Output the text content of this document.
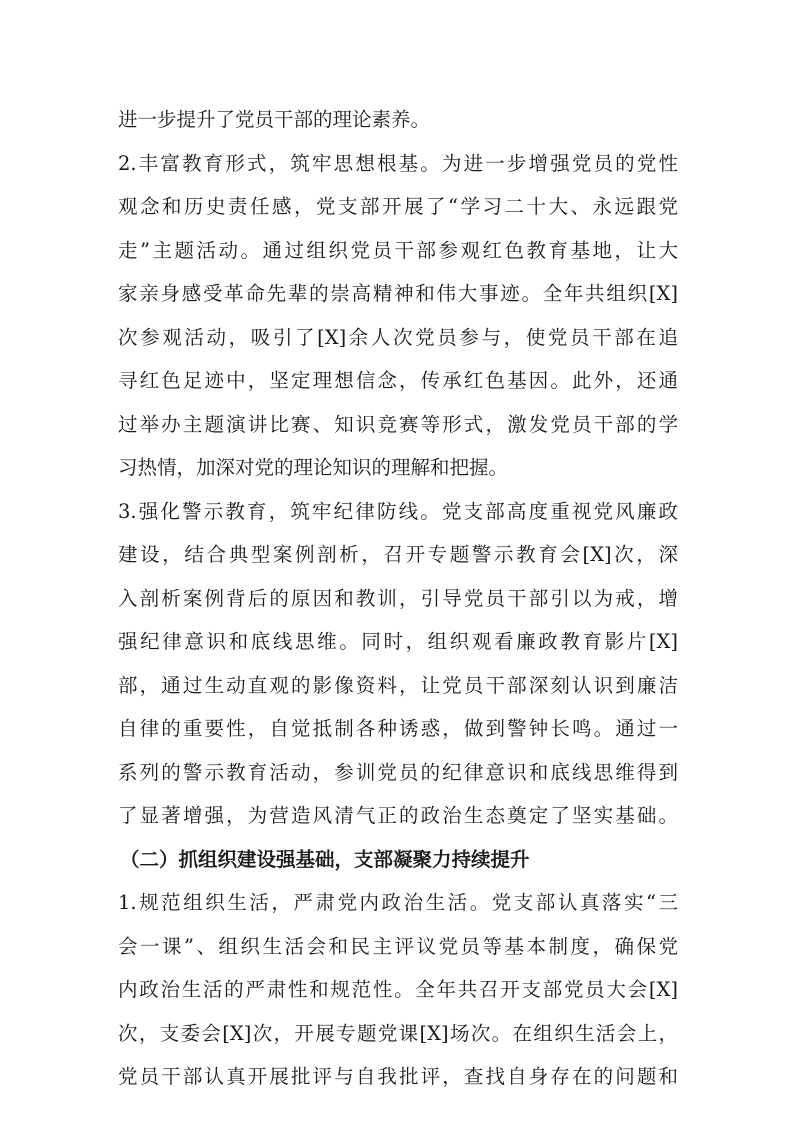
进一步提升了党员干部的理论素养。
2.丰富教育形式，筑牢思想根基。为进一步增强党员的党性
观念和历史责任感，党支部开展了“学习二十大、永远跟党
走”主题活动。通过组织党员干部参观红色教育基地，让大
家亲身感受革命先辈的崇高精神和伟大事迹。全年共组织[X]
次参观活动，吸引了[X]余人次党员参与，使党员干部在追
寻红色足迹中，坚定理想信念，传承红色基因。此外，还通
过举办主题演讲比赛、知识竞赛等形式，激发党员干部的学
习热情，加深对党的理论知识的理解和把握。
3.强化警示教育，筑牢纪律防线。党支部高度重视党风廉政
建设，结合典型案例剖析，召开专题警示教育会[X]次，深
入剖析案例背后的原因和教训，引导党员干部引以为戒，增
强纪律意识和底线思维。同时，组织观看廉政教育影片[X]
部，通过生动直观的影像资料，让党员干部深刻认识到廉洁
自律的重要性，自觉抵制各种诱惑，做到警钟长鸣。通过一
系列的警示教育活动，参训党员的纪律意识和底线思维得到
了显著增强，为营造风清气正的政治生态奠定了坚实基础。
（二）抓组织建设强基础，支部凝聚力持续提升
1.规范组织生活，严肃党内政治生活。党支部认真落实“三
会一课”、组织生活会和民主评议党员等基本制度，确保党
内政治生活的严肃性和规范性。全年共召开支部党员大会[X]
党员干部认真开展批评与自我批评，查找自身存在的问题和
次，支委会[X]次，开展专题党课[X]场次。在组织生活会上，
